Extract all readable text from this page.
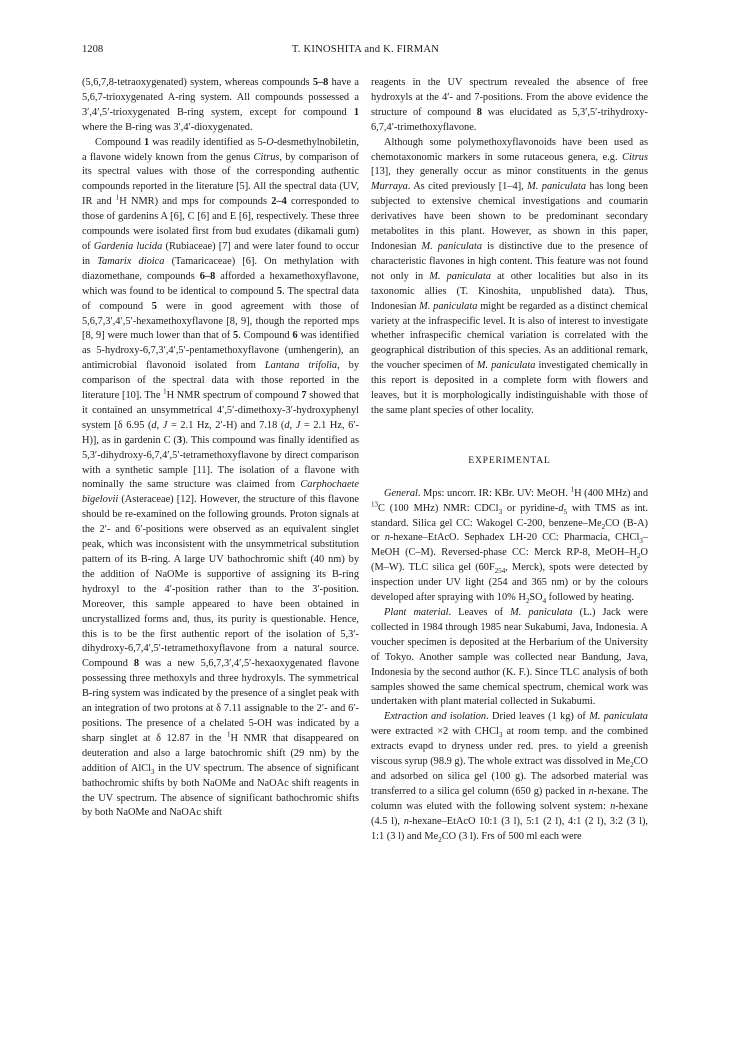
1208	T. KINOSHITA and K. FIRMAN

(5,6,7,8-tetraoxygenated) system, whereas compounds 5–8 have a 5,6,7-trioxygenated A-ring system. All compounds possessed a 3′,4′,5′-trioxygenated B-ring system, except for compound 1 where the B-ring was 3′,4′-dioxygenated.

Compound 1 was readily identified as 5-O-desmethylnobiletin, a flavone widely known from the genus Citrus, by comparison of its spectral values with those of the corresponding authentic compounds reported in the literature [5]. All the spectral data (UV, IR and $^1$H NMR) and mps for compounds 2–4 corresponded to those of gardenins A [6], C [6] and E [6], respectively. These three compounds were isolated first from bud exudates (dikamali gum) of Gardenia lucida (Rubiaceae) [7] and were later found to occur in Tamarix dioica (Tamaricaceae) [6]. On methylation with diazomethane, compounds 6–8 afforded a hexamethoxyflavone, which was found to be identical to compound 5. The spectral data of compound 5 were in good agreement with those of 5,6,7,3′,4′,5′-hexamethoxyflavone [8, 9], though the reported mps [8, 9] were much lower than that of 5. Compound 6 was identified as 5-hydroxy-6,7,3′,4′,5′-pentamethoxyflavone (umhengerin), an antimicrobial flavonoid isolated from Lantana trifolia, by comparison of the spectral data with those reported in the literature [10]. The $^1$H NMR spectrum of compound 7 showed that it contained an unsymmetrical 4′,5′-dimethoxy-3′-hydroxyphenyl system [δ 6.95 (d, J = 2.1 Hz, 2′-H) and 7.18 (d, J = 2.1 Hz, 6′-H)], as in gardenin C (3). This compound was finally identified as 5,3′-dihydroxy-6,7,4′,5′-tetramethoxyflavone by direct comparison with a synthetic sample [11]. The isolation of a flavone with nominally the same structure was claimed from Carphochaete bigelovii (Asteraceae) [12]. However, the structure of this flavone should be re-examined on the following grounds. Proton signals at the 2′- and 6′-positions were observed as an equivalent singlet peak, which was inconsistent with the unsymmetrical substitution pattern of its B-ring. A large UV bathochromic shift (40 nm) by the addition of NaOMe is supportive of assigning its B-ring hydroxyl to the 4′-position rather than to the 3′-position. Moreover, this sample appeared to have been obtained in uncrystallized forms and, thus, its purity is questionable. Hence, this is to be the first authentic report of the isolation of 5,3′-dihydroxy-6,7,4′,5′-tetramethoxyflavone from a natural source. Compound 8 was a new 5,6,7,3′,4′,5′-hexaoxygenated flavone possessing three methoxyls and three hydroxyls. The symmetrical B-ring system was indicated by the presence of a singlet peak with an integration of two protons at δ 7.11 assignable to the 2′- and 6′-positions. The presence of a chelated 5-OH was indicated by a sharp singlet at δ 12.87 in the $^1$H NMR that disappeared on deuteration and also a large batochromic shift (29 nm) by the addition of AlCl$_3$ in the UV spectrum. The absence of significant bathochromic shifts by both NaOMe and NaOAc shift reagents in the UV spectrum. The absence of significant bathochromic shifts by both NaOMe and NaOAc shift

reagents in the UV spectrum revealed the absence of free hydroxyls at the 4′- and 7-positions. From the above evidence the structure of compound 8 was elucidated as 5,3′,5′-trihydroxy-6,7,4′-trimethoxyflavone.

Although some polymethoxyflavonoids have been used as chemotaxonomic markers in some rutaceous genera, e.g. Citrus [13], they generally occur as minor constituents in the genus Murraya. As cited previously [1–4], M. paniculata has long been subjected to extensive chemical investigations and coumarin derivatives have been shown to be predominant secondary metabolites in this plant. However, as shown in this paper, Indonesian M. paniculata is distinctive due to the presence of characteristic flavones in high content. This feature was not found not only in M. paniculata at other localities but also in its taxonomic allies (T. Kinoshita, unpublished data). Thus, Indonesian M. paniculata might be regarded as a distinct chemical variety at the infraspecific level. It is also of interest to investigate whether infraspecific chemical variation is correlated with the geographical distribution of this species. As an additional remark, the voucher specimen of M. paniculata investigated chemically in this report is deposited in a complete form with flowers and leaves, but it is morphologically indistinguishable with those of the same plant species of other locality.

EXPERIMENTAL

General. Mps: uncorr. IR: KBr. UV: MeOH. $^1$H (400 MHz) and $^{13}$C (100 MHz) NMR: CDCl$_3$ or pyridine-$d_5$ with TMS as int. standard. Silica gel CC: Wakogel C-200, benzene–$Me_2CO$ (B-A) or n-hexane–EtAcO. Sephadex LH-20 CC: Pharmacia, CHCl$_3$–MeOH (C–M). Reversed-phase CC: Merck RP-8, MeOH–$H_2O$ (M–W). TLC silica gel ($60F_{254}$, Merck), spots were detected by inspection under UV light (254 and 365 nm) or by the colours developed after spraying with 10% $H_2SO_4$ followed by heating.

Plant material. Leaves of M. paniculata (L.) Jack were collected in 1984 through 1985 near Sukabumi, Java, Indonesia. A voucher specimen is deposited at the Herbarium of the University of Tokyo. Another sample was collected near Bandung, Java, Indonesia by the second author (K. F.). Since TLC analysis of both samples showed the same chemical spectrum, chemical work was undertaken with plant material collected in Sukabumi.

Extraction and isolation. Dried leaves (1 kg) of M. paniculata were extracted ×2 with CHCl$_3$ at room temp. and the combined extracts evapd to dryness under red. pres. to yield a greenish viscous syrup (98.9 g). The whole extract was dissolved in $Me_2CO$ and adsorbed on silica gel (100 g). The adsorbed material was transferred to a silica gel column (650 g) packed in n-hexane. The column was eluted with the following solvent system: n-hexane (4.5 l), n-hexane–EtAcO 10:1 (3 l), 5:1 (2 l), 4:1 (2 l), 3:2 (3 l), 1:1 (3 l) and $Me_2CO$ (3 l). Frs of 500 ml each were
